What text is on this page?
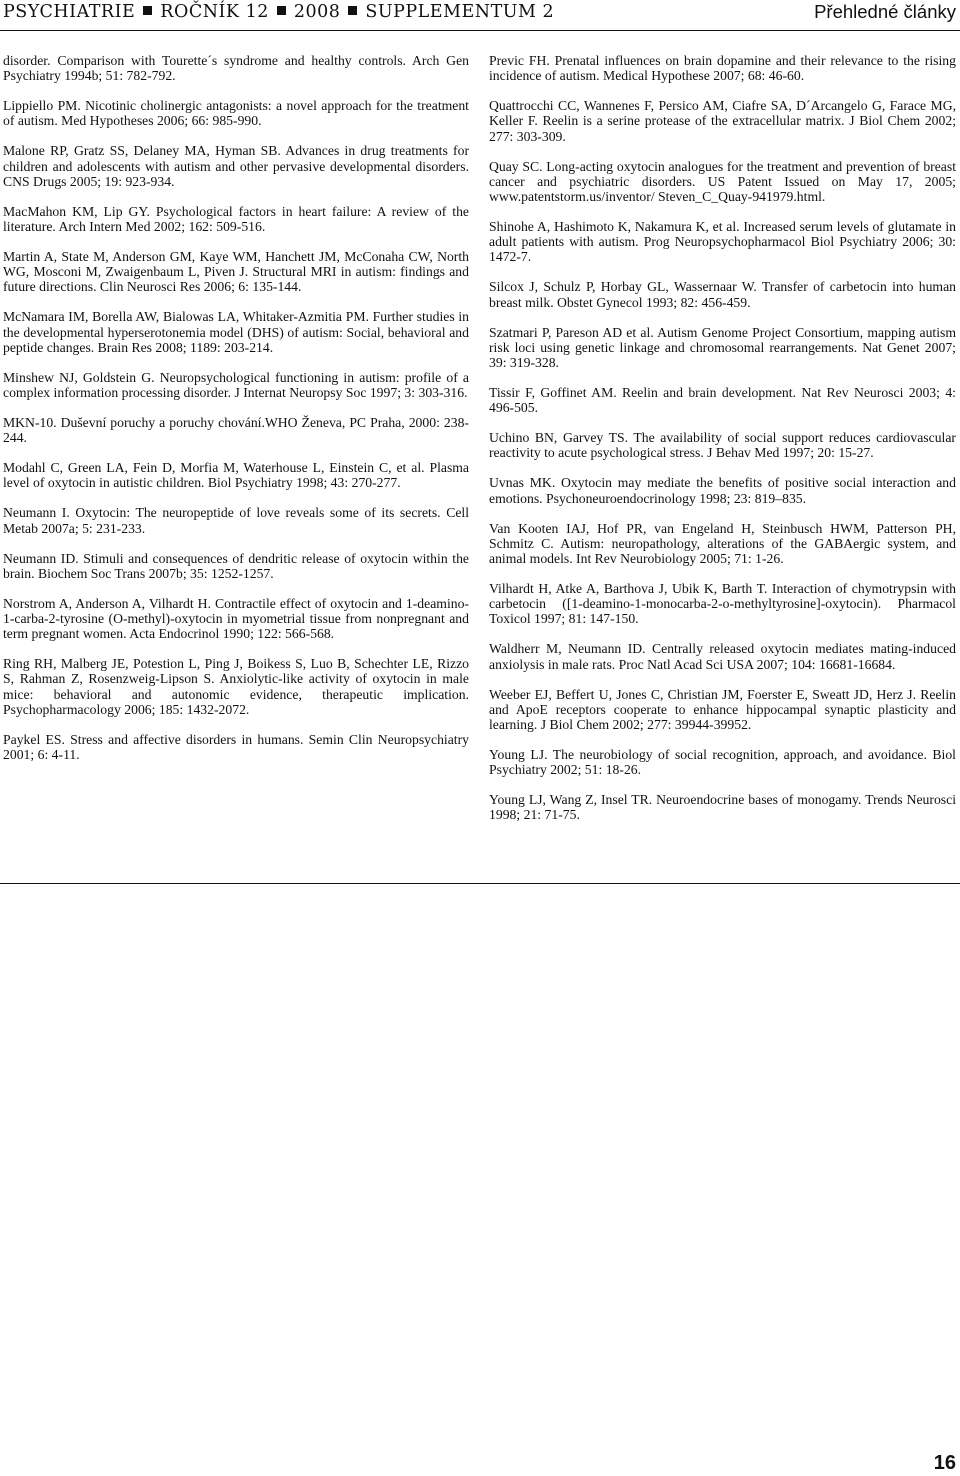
PSYCHIATRIE ROČNÍK 12 2008 SUPPLEMENTUM 2	Přehledné články

disorder. Comparison with Tourette´s syndrome and healthy controls. Arch Gen Psychiatry 1994b; 51: 782-792.

Lippiello PM. Nicotinic cholinergic antagonists: a novel approach for the treatment of autism. Med Hypotheses 2006; 66: 985-990.

Malone RP, Gratz SS, Delaney MA, Hyman SB. Advances in drug treatments for children and adolescents with autism and other pervasive developmental disorders. CNS Drugs 2005; 19: 923-934.

MacMahon KM, Lip GY. Psychological factors in heart failure: A review of the literature. Arch Intern Med 2002; 162: 509-516.

Martin A, State M, Anderson GM, Kaye WM, Hanchett JM, McConaha CW, North WG, Mosconi M, Zwaigenbaum L, Piven J. Structural MRI in autism: findings and future directions. Clin Neurosci Res 2006; 6: 135-144.

McNamara IM, Borella AW, Bialowas LA, Whitaker-Azmitia PM. Further studies in the developmental hyperserotonemia model (DHS) of autism: Social, behavioral and peptide changes. Brain Res 2008; 1189: 203-214.

Minshew NJ, Goldstein G. Neuropsychological functioning in autism: profile of a complex information processing disorder. J Internat Neuropsy Soc 1997; 3: 303-316.

MKN-10. Duševní poruchy a poruchy chování.WHO Ženeva, PC Praha, 2000: 238-244.

Modahl C, Green LA, Fein D, Morfia M, Waterhouse L, Einstein C, et al. Plasma level of oxytocin in autistic children. Biol Psychiatry 1998; 43: 270-277.

Neumann I. Oxytocin: The neuropeptide of love reveals some of its secrets. Cell Metab 2007a; 5: 231-233.

Neumann ID. Stimuli and consequences of dendritic release of oxytocin within the brain. Biochem Soc Trans 2007b; 35: 1252-1257.

Norstrom A, Anderson A, Vilhardt H. Contractile effect of oxytocin and 1-deamino-1-carba-2-tyrosine (O-methyl)-oxytocin in myometrial tissue from nonpregnant and term pregnant women. Acta Endocrinol 1990; 122: 566-568.

Ring RH, Malberg JE, Potestion L, Ping J, Boikess S, Luo B, Schechter LE, Rizzo S, Rahman Z, Rosenzweig-Lipson S. Anxiolytic-like activity of oxytocin in male mice: behavioral and autonomic evidence, therapeutic implication. Psychopharmacology 2006; 185: 1432-2072.

Paykel ES. Stress and affective disorders in humans. Semin Clin Neuropsychiatry 2001; 6: 4-11.

Previc FH. Prenatal influences on brain dopamine and their relevance to the rising incidence of autism. Medical Hypothese 2007; 68: 46-60.

Quattrocchi CC, Wannenes F, Persico AM, Ciafre SA, D´Arcangelo G, Farace MG, Keller F. Reelin is a serine protease of the extracellular matrix. J Biol Chem 2002; 277: 303-309.

Quay SC. Long-acting oxytocin analogues for the treatment and prevention of breast cancer and psychiatric disorders. US Patent Issued on May 17, 2005; www.patentstorm.us/inventor/ Steven_C_Quay-941979.html.

Shinohe A, Hashimoto K, Nakamura K, et al. Increased serum levels of glutamate in adult patients with autism. Prog Neuropsychopharmacol Biol Psychiatry 2006; 30: 1472-7.

Silcox J, Schulz P, Horbay GL, Wassernaar W. Transfer of carbetocin into human breast milk. Obstet Gynecol 1993; 82: 456-459.

Szatmari P, Pareson AD et al. Autism Genome Project Consortium, mapping autism risk loci using genetic linkage and chromosomal rearrangements. Nat Genet 2007; 39: 319-328.

Tissir F, Goffinet AM. Reelin and brain development. Nat Rev Neurosci 2003; 4: 496-505.

Uchino BN, Garvey TS. The availability of social support reduces cardiovascular reactivity to acute psychological stress. J Behav Med 1997; 20: 15-27.

Uvnas MK. Oxytocin may mediate the benefits of positive social interaction and emotions. Psychoneuroendocrinology 1998; 23: 819–835.

Van Kooten IAJ, Hof PR, van Engeland H, Steinbusch HWM, Patterson PH, Schmitz C. Autism: neuropathology, alterations of the GABAergic system, and animal models. Int Rev Neurobiology 2005; 71: 1-26.

Vilhardt H, Atke A, Barthova J, Ubik K, Barth T. Interaction of chymotrypsin with carbetocin ([1-deamino-1-monocarba-2-o-methyltyrosine]-oxytocin). Pharmacol Toxicol 1997; 81: 147-150.

Waldherr M, Neumann ID. Centrally released oxytocin mediates mating-induced anxiolysis in male rats. Proc Natl Acad Sci USA 2007; 104: 16681-16684.

Weeber EJ, Beffert U, Jones C, Christian JM, Foerster E, Sweatt JD, Herz J. Reelin and ApoE receptors cooperate to enhance hippocampal synaptic plasticity and learning. J Biol Chem 2002; 277: 39944-39952.

Young LJ. The neurobiology of social recognition, approach, and avoidance. Biol Psychiatry 2002; 51: 18-26.

Young LJ, Wang Z, Insel TR. Neuroendocrine bases of monogamy. Trends Neurosci 1998; 21: 71-75.

16
